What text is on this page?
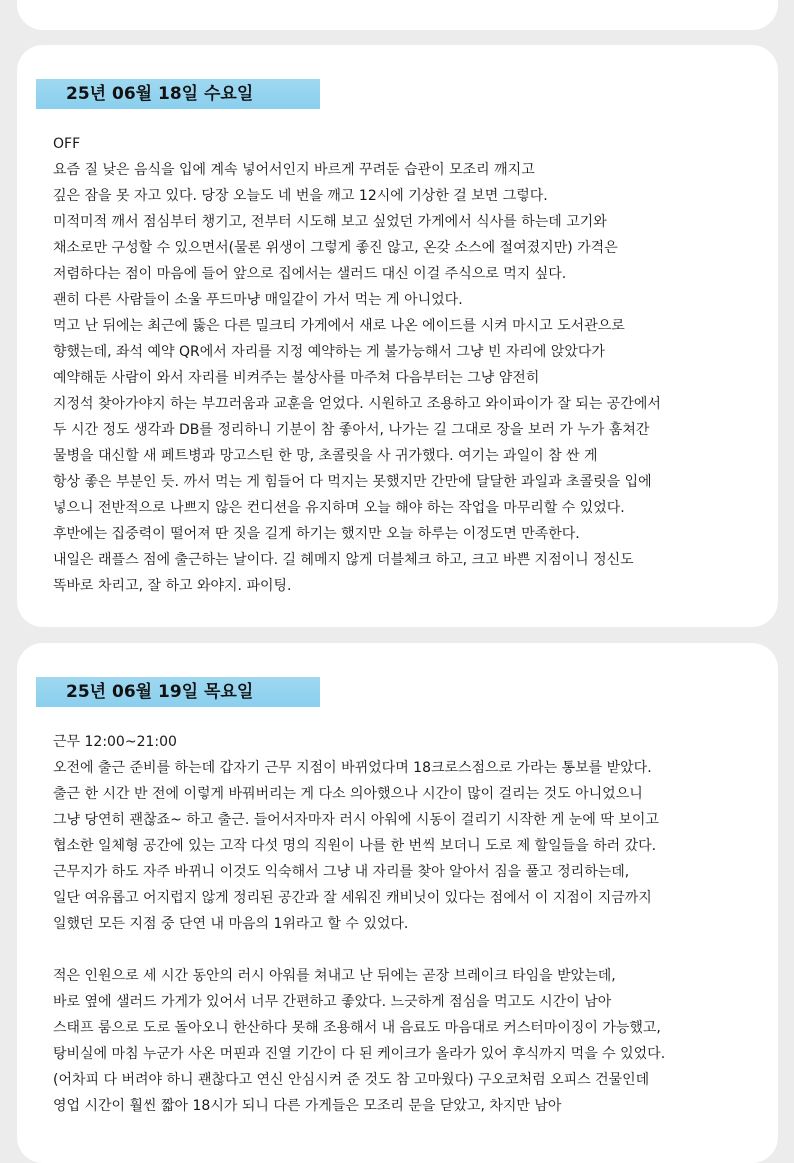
25년 06월 18일 수요일
OFF
요즘 질 낮은 음식을 입에 계속 넣어서인지 바르게 꾸려둔 습관이 모조리 깨지고
깊은 잠을 못 자고 있다. 당장 오늘도 네 번을 깨고 12시에 기상한 걸 보면 그렇다.
미적미적 깨서 점심부터 챙기고, 전부터 시도해 보고 싶었던 가게에서 식사를 하는데 고기와
채소로만 구성할 수 있으면서(물론 위생이 그렇게 좋진 않고, 온갖 소스에 절여졌지만) 가격은
저렴하다는 점이 마음에 들어 앞으로 집에서는 샐러드 대신 이걸 주식으로 먹지 싶다.
괜히 다른 사람들이 소울 푸드마냥 매일같이 가서 먹는 게 아니었다.
먹고 난 뒤에는 최근에 뚫은 다른 밀크티 가게에서 새로 나온 에이드를 시켜 마시고 도서관으로
향했는데, 좌석 예약 QR에서 자리를 지정 예약하는 게 불가능해서 그냥 빈 자리에 앉았다가
예약해둔 사람이 와서 자리를 비켜주는 불상사를 마주쳐 다음부터는 그냥 얌전히
지정석 찾아가야지 하는 부끄러움과 교훈을 얻었다. 시원하고 조용하고 와이파이가 잘 되는 공간에서
두 시간 정도 생각과 DB를 정리하니 기분이 참 좋아서, 나가는 길 그대로 장을 보러 가 누가 훔쳐간
물병을 대신할 새 페트병과 망고스틴 한 망, 초콜릿을 사 귀가했다. 여기는 과일이 참 싼 게
항상 좋은 부분인 듯. 까서 먹는 게 힘들어 다 먹지는 못했지만 간만에 달달한 과일과 초콜릿을 입에
넣으니 전반적으로 나쁘지 않은 컨디션을 유지하며 오늘 해야 하는 작업을 마무리할 수 있었다.
후반에는 집중력이 떨어져 딴 짓을 길게 하기는 했지만 오늘 하루는 이정도면 만족한다.
내일은 래플스 점에 출근하는 날이다. 길 헤메지 않게 더블체크 하고, 크고 바쁜 지점이니 정신도
똑바로 차리고, 잘 하고 와야지. 파이팅.
25년 06월 19일 목요일
근무 12:00~21:00
오전에 출근 준비를 하는데 갑자기 근무 지점이 바뀌었다며 18크로스점으로 가라는 통보를 받았다.
출근 한 시간 반 전에 이렇게 바꿔버리는 게 다소 의아했으나 시간이 많이 걸리는 것도 아니었으니
그냥 당연히 괜찮죠~ 하고 출근. 들어서자마자 러시 아워에 시동이 걸리기 시작한 게 눈에 딱 보이고
협소한 일체형 공간에 있는 고작 다섯 명의 직원이 나를 한 번씩 보더니 도로 제 할일들을 하러 갔다.
근무지가 하도 자주 바뀌니 이것도 익숙해서 그냥 내 자리를 찾아 알아서 짐을 풀고 정리하는데,
일단 여유롭고 어지럽지 않게 정리된 공간과 잘 세워진 캐비닛이 있다는 점에서 이 지점이 지금까지
일했던 모든 지점 중 단연 내 마음의 1위라고 할 수 있었다.
적은 인원으로 세 시간 동안의 러시 아워를 쳐내고 난 뒤에는 곧장 브레이크 타임을 받았는데,
바로 옆에 샐러드 가게가 있어서 너무 간편하고 좋았다. 느긋하게 점심을 먹고도 시간이 남아
스태프 룸으로 도로 돌아오니 한산하다 못해 조용해서 내 음료도 마음대로 커스터마이징이 가능했고,
탕비실에 마침 누군가 사온 머핀과 진열 기간이 다 된 케이크가 올라가 있어 후식까지 먹을 수 있었다.
(어차피 다 버려야 하니 괜찮다고 연신 안심시켜 준 것도 참 고마웠다) 구오코처럼 오피스 건물인데
영업 시간이 훨씬 짧아 18시가 되니 다른 가게들은 모조리 문을 닫았고, 차지만 남아
